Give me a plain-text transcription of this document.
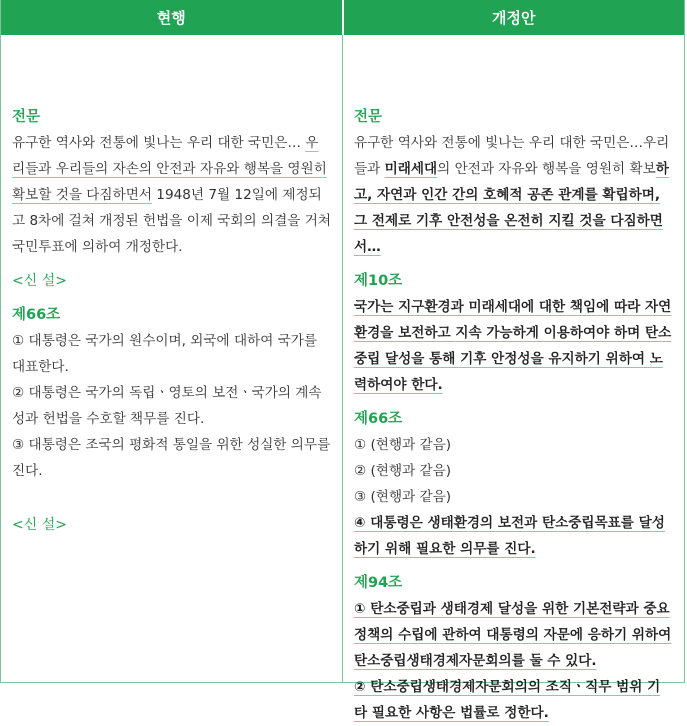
현행	개정안

전문

유구한 역사와 전통에 빛나는 우리 대한 국민은… 우리들과 우리들의 자손의 안전과 자유와 행복을 영원히 확보할 것을 다짐하면서 1948년 7월 12일에 제정되고 8차에 걸쳐 개정된 헌법을 이제 국회의 의결을 거쳐 국민투표에 의하여 개정한다.

<신 설>

제66조

① 대통령은 국가의 원수이며, 외국에 대하여 국가를 대표한다.

② 대통령은 국가의 독립ㆍ영토의 보전ㆍ국가의 계속성과 헌법을 수호할 책무를 진다.

③ 대통령은 조국의 평화적 통일을 위한 성실한 의무를 진다.

<신 설>

전문

유구한 역사와 전통에 빛나는 우리 대한 국민은…우리들과 미래세대의 안전과 자유와 행복을 영원히 확보하고, 자연과 인간 간의 호혜적 공존 관계를 확립하며, 그 전제로 기후 안전성을 온전히 지킬 것을 다짐하면서…

제10조

국가는 지구환경과 미래세대에 대한 책임에 따라 자연환경을 보전하고 지속 가능하게 이용하여야 하며 탄소중립 달성을 통해 기후 안정성을 유지하기 위하여 노력하여야 한다.

제66조

① (현행과 같음)

② (현행과 같음)

③ (현행과 같음)

④ 대통령은 생태환경의 보전과 탄소중립목표를 달성하기 위해 필요한 의무를 진다.

제94조

① 탄소중립과 생태경제 달성을 위한 기본전략과 중요정책의 수립에 관하여 대통령의 자문에 응하기 위하여 탄소중립생태경제자문회의를 둘 수 있다.

② 탄소중립생태경제자문회의의 조직ㆍ직무 범위 기타 필요한 사항은 법률로 정한다.
